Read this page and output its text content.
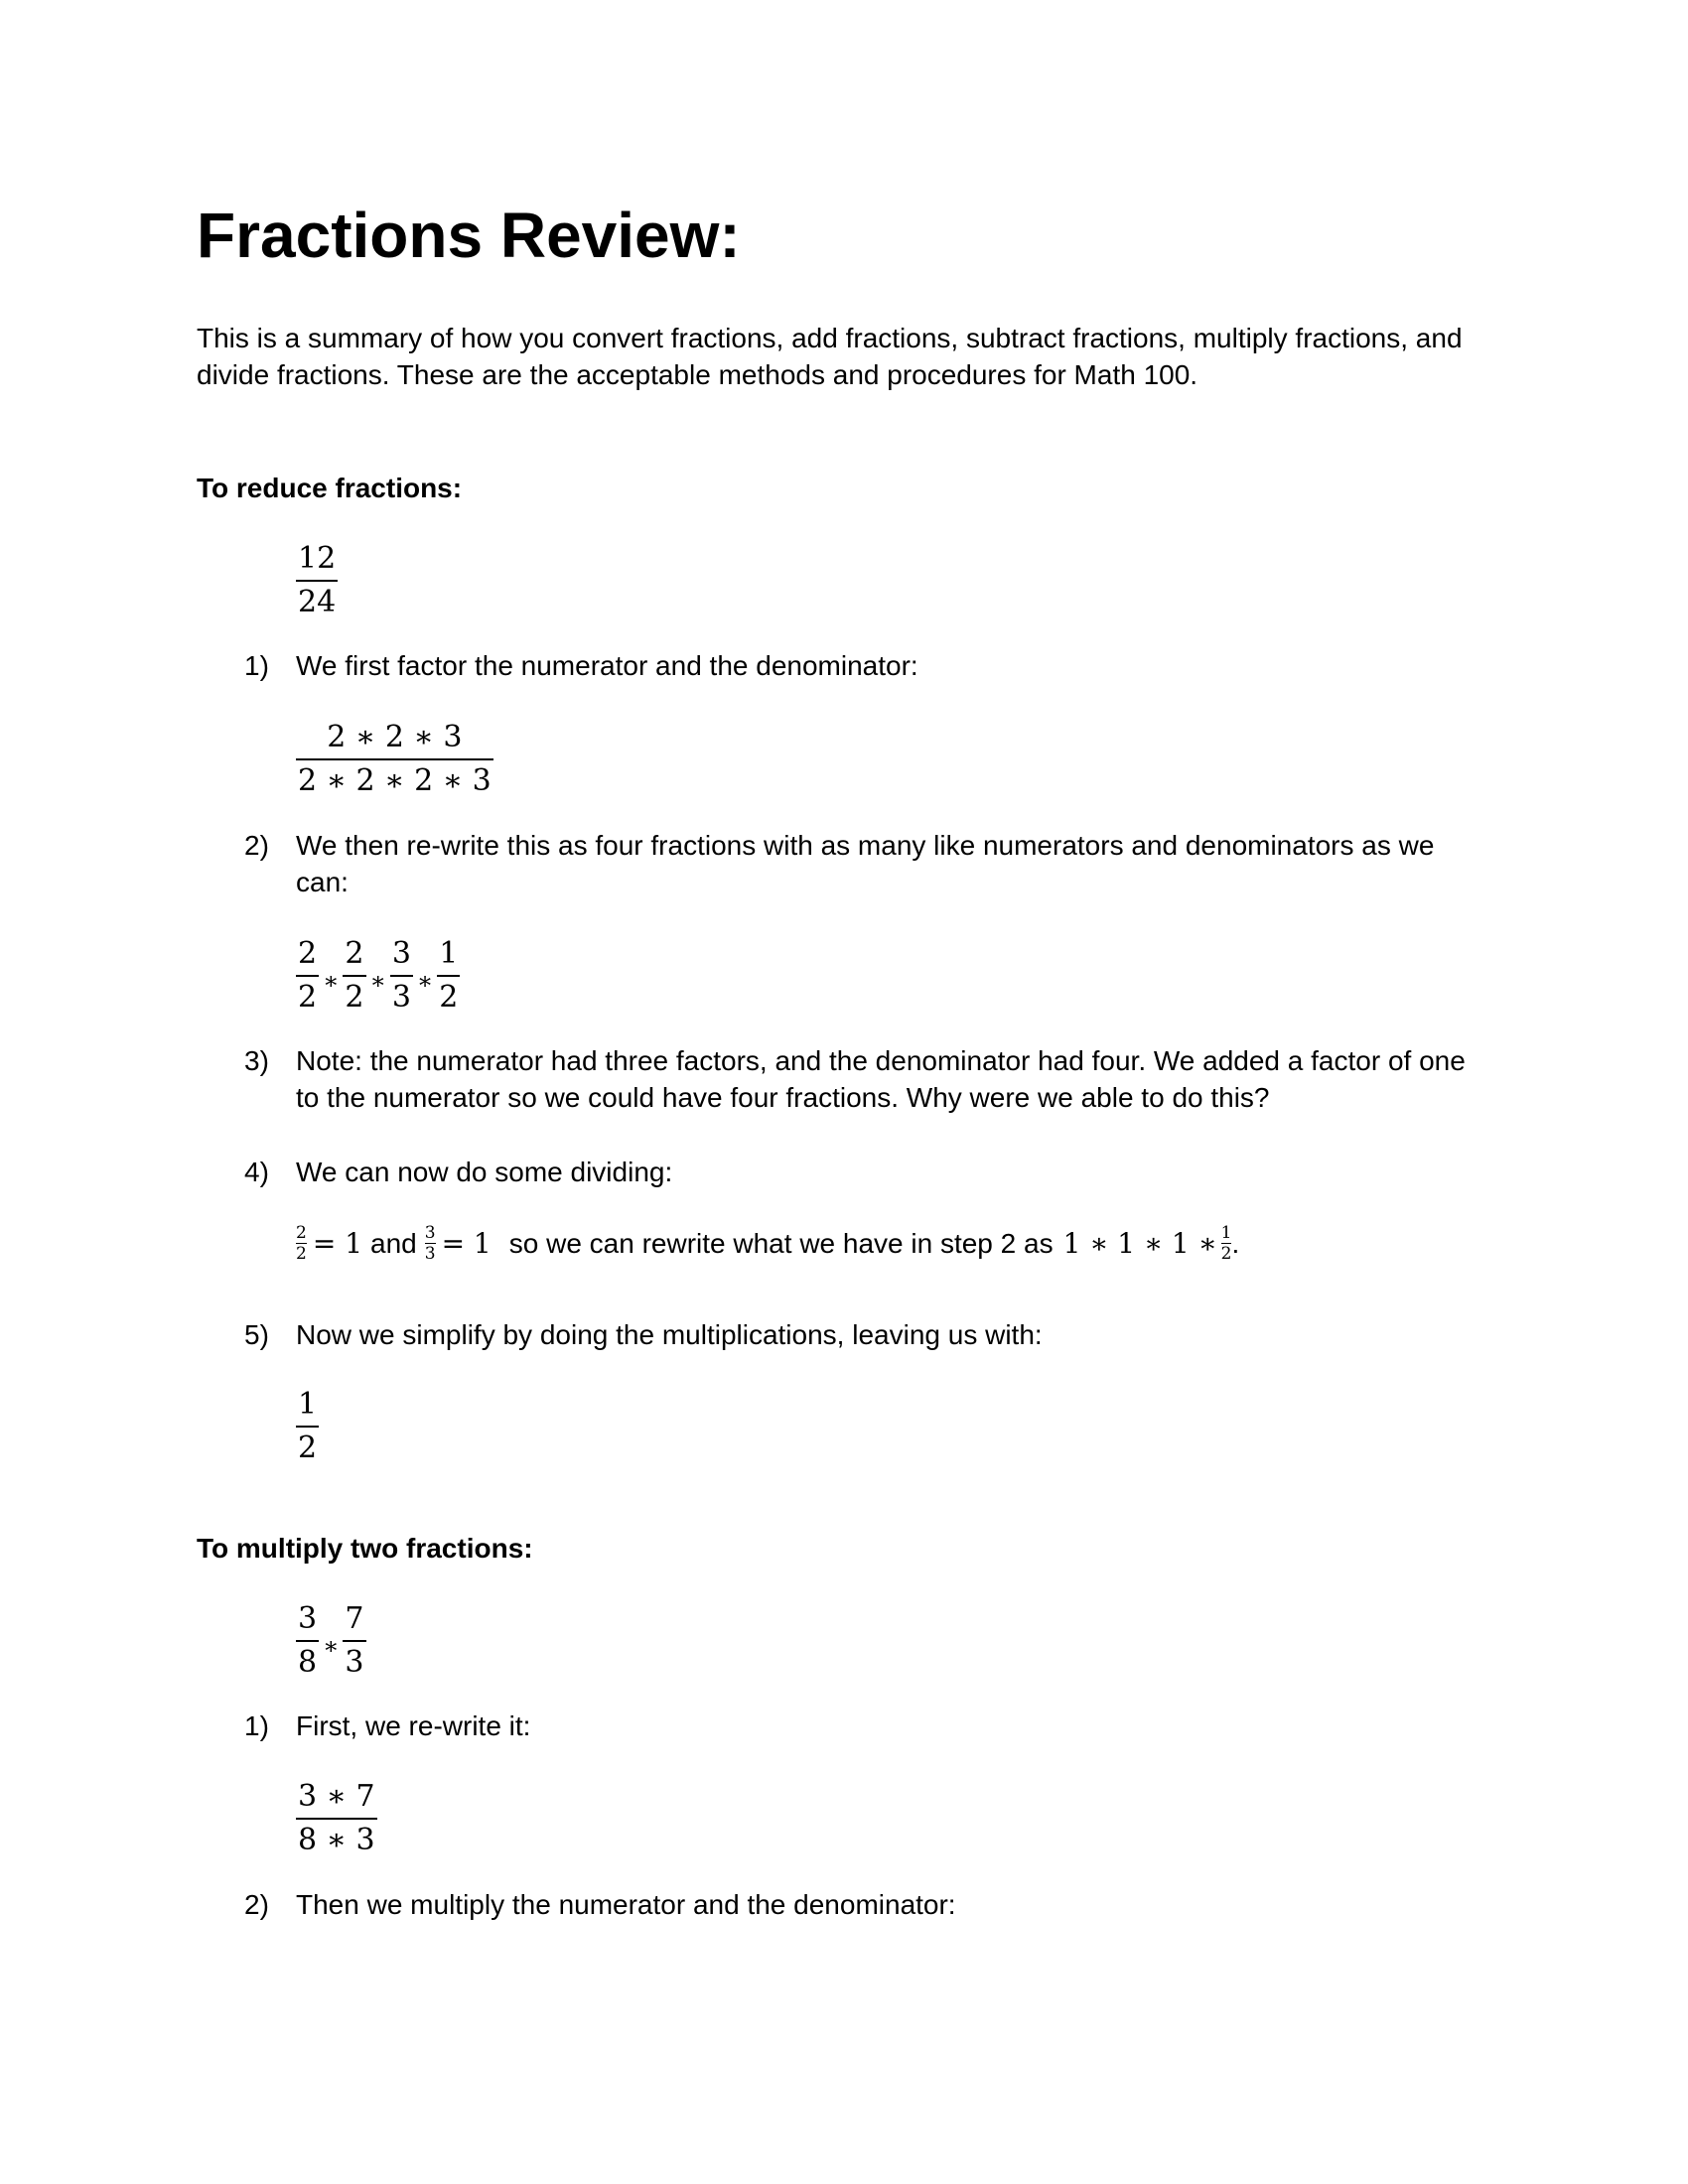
Fractions Review:
This is a summary of how you convert fractions, add fractions, subtract fractions, multiply fractions, and divide fractions. These are the acceptable methods and procedures for Math 100.
To reduce fractions:
$\frac{12}{24}$
1) We first factor the numerator and the denominator:
$\frac{2 ∗ 2 ∗ 3}{2 ∗ 2 ∗ 2 ∗ 3}$
2) We then re-write this as four fractions with as many like numerators and denominators as we can:
$\frac{2}{2}$ ∗ $\frac{2}{2}$ ∗ $\frac{3}{3}$ ∗ $\frac{1}{2}$
3) Note: the numerator had three factors, and the denominator had four. We added a factor of one to the numerator so we could have four fractions. Why were we able to do this?
4) We can now do some dividing:
$\frac{2}{2} = 1$ and $\frac{3}{3} = 1$ so we can rewrite what we have in step 2 as 1 ∗ 1 ∗ 1 ∗ $\frac{1}{2}$ .
5) Now we simplify by doing the multiplications, leaving us with:
$\frac{1}{2}$
To multiply two fractions:
$\frac{3}{8}$ ∗ $\frac{7}{3}$
1) First, we re-write it:
$\frac{3 ∗ 7}{8 ∗ 3}$
2) Then we multiply the numerator and the denominator:
